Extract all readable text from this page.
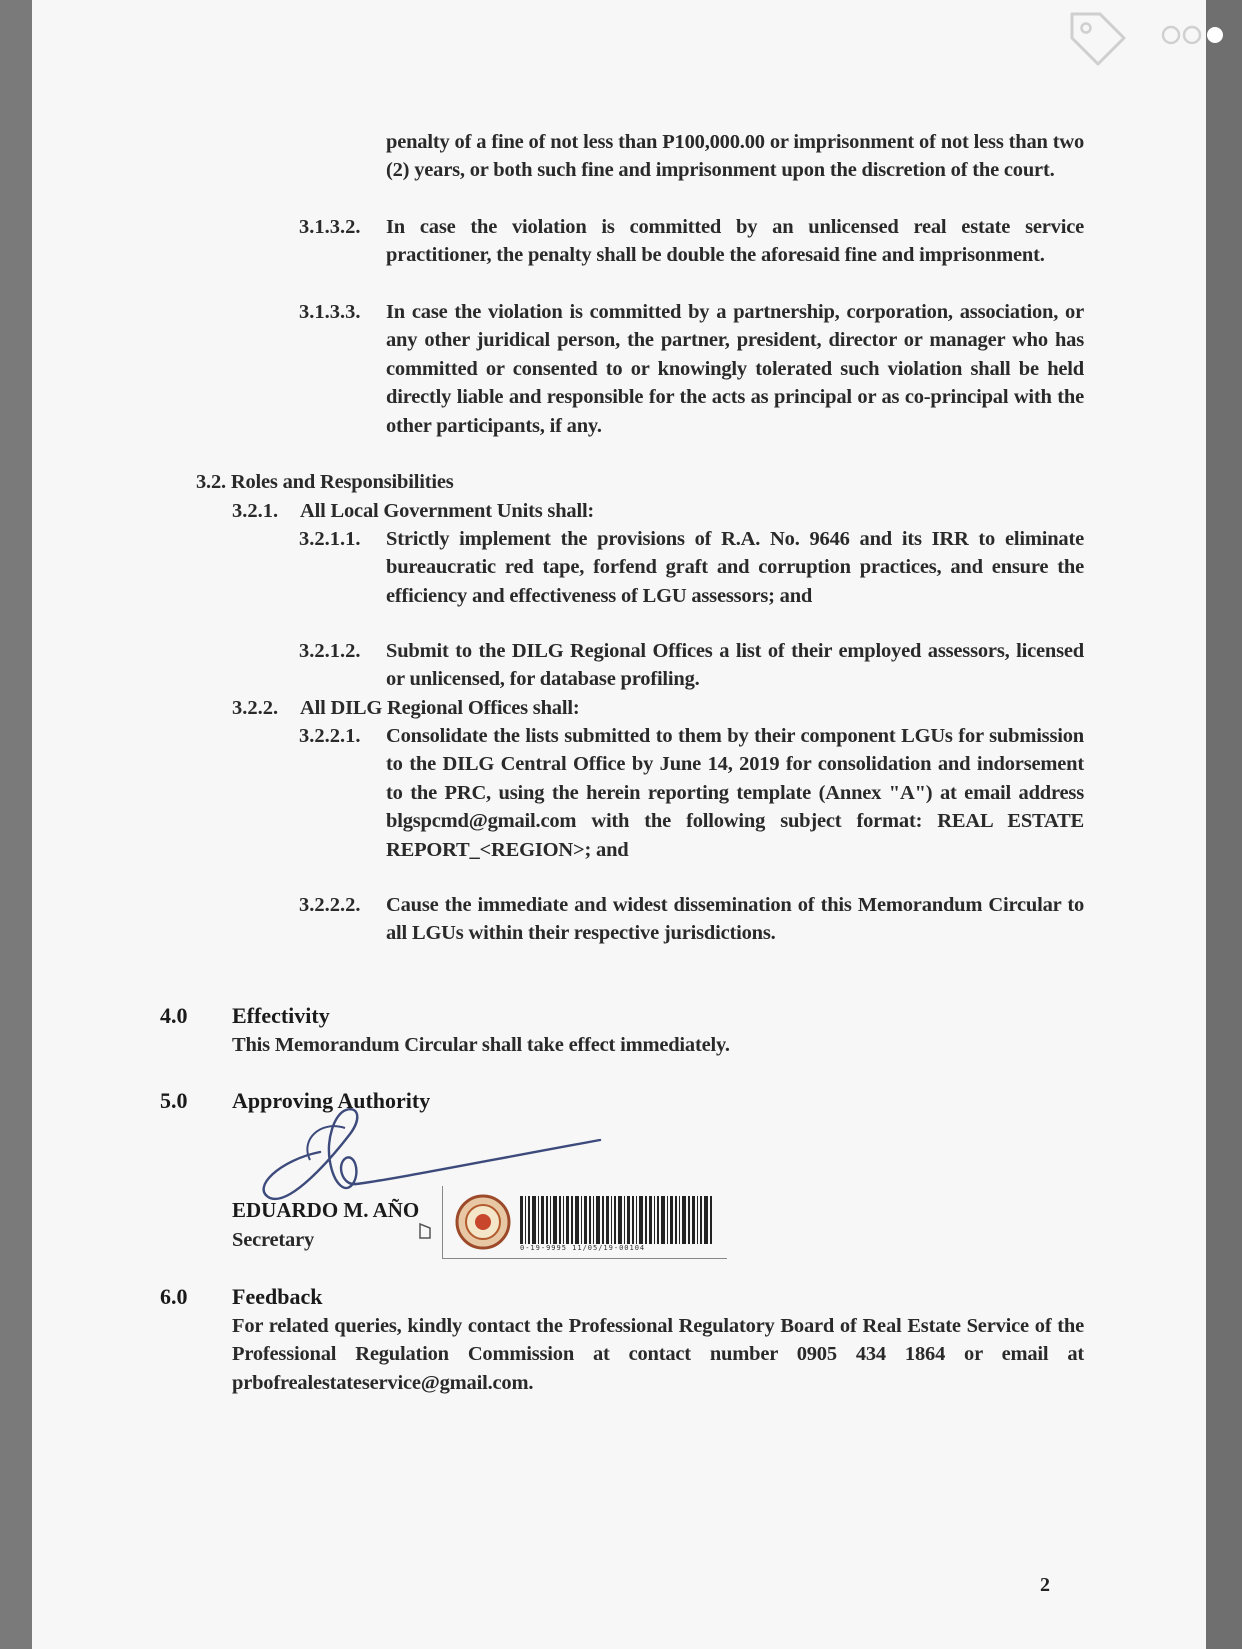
penalty of a fine of not less than P100,000.00 or imprisonment of not less than two (2) years, or both such fine and imprisonment upon the discretion of the court.
3.1.3.2. In case the violation is committed by an unlicensed real estate service practitioner, the penalty shall be double the aforesaid fine and imprisonment.
3.1.3.3. In case the violation is committed by a partnership, corporation, association, or any other juridical person, the partner, president, director or manager who has committed or consented to or knowingly tolerated such violation shall be held directly liable and responsible for the acts as principal or as co-principal with the other participants, if any.
3.2. Roles and Responsibilities
3.2.1. All Local Government Units shall:
3.2.1.1. Strictly implement the provisions of R.A. No. 9646 and its IRR to eliminate bureaucratic red tape, forfend graft and corruption practices, and ensure the efficiency and effectiveness of LGU assessors; and
3.2.1.2. Submit to the DILG Regional Offices a list of their employed assessors, licensed or unlicensed, for database profiling.
3.2.2. All DILG Regional Offices shall:
3.2.2.1. Consolidate the lists submitted to them by their component LGUs for submission to the DILG Central Office by June 14, 2019 for consolidation and indorsement to the PRC, using the herein reporting template (Annex "A") at email address blgspcmd@gmail.com with the following subject format: REAL ESTATE REPORT_<REGION>; and
3.2.2.2. Cause the immediate and widest dissemination of this Memorandum Circular to all LGUs within their respective jurisdictions.
4.0 Effectivity
This Memorandum Circular shall take effect immediately.
5.0 Approving Authority
6.0 Feedback
For related queries, kindly contact the Professional Regulatory Board of Real Estate Service of the Professional Regulation Commission at contact number 0905 434 1864 or email at prbofrealestateservice@gmail.com.
2
EDUARDO M. AÑO
Secretary	0-19-9995 11/05/19-00104
